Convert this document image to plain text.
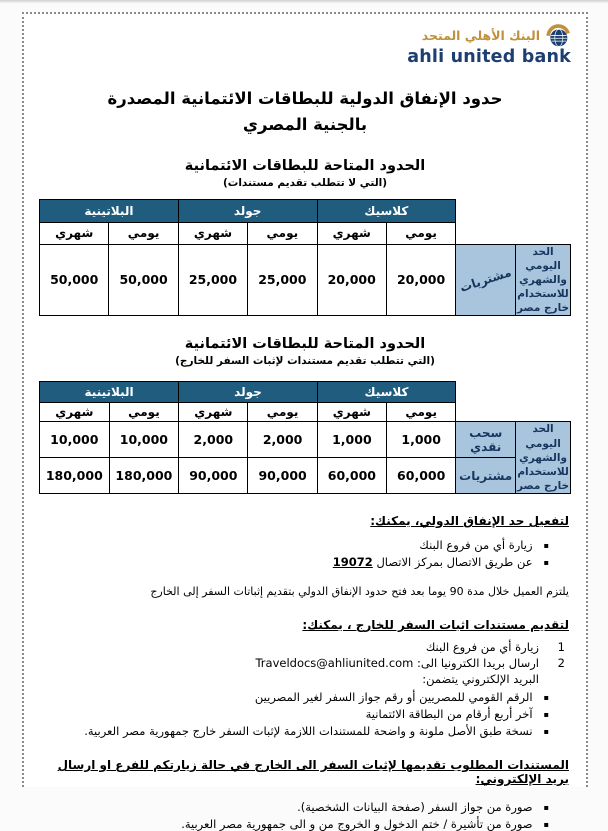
البنك الأهلي المتحد
ahli united bank
حدود الإنفاق الدولية للبطاقات الائتمانية المصدرة
بالجنية المصري
الحدود المتاحة للبطاقات الائتمانية
(التي لا تتطلب تقديم مستندات)
		كلاسيك		جولد		البلاتينية	
		يومي	شهري	يومي	شهري	يومي	شهري
الحد اليومي والشهري للاستخدام خارج مصر	مشتريات	20,000	20,000	25,000	25,000	50,000	50,000
الحدود المتاحة للبطاقات الائتمانية
(التي تتطلب تقديم مستندات لإثبات السفر للخارج)
		كلاسيك		جولد		البلاتينية	
		يومي	شهري	يومي	شهري	يومي	شهري
الحد اليومي والشهري للاستخدام خارج مصر	سحب نقدي	1,000	1,000	2,000	2,000	10,000	10,000
	مشتريات	60,000	60,000	90,000	90,000	180,000	180,000
لتفعيل حد الإنفاق الدولي، يمكنك:
▪
زيارة أي من فروع البنك
▪
عن طريق الاتصال بمركز الاتصال 19072
يلتزم العميل خلال مدة 90 يوما بعد فتح حدود الإنفاق الدولي بتقديم إثباتات السفر إلى الخارج
لتقديم مستندات اثبات السفر للخارج ، يمكنك:
1
زيارة أي من فروع البنك
2
ارسال بريدا الكترونيا الى: Traveldocs@ahliunited.com
البريد الإلكتروني يتضمن:
▪
الرقم القومي للمصريين أو رقم جواز السفر لغير المصريين
▪
آخر أربع أرقام من البطاقة الائتمانية
▪
نسخة طبق الأصل ملونة و واضحة للمستندات اللازمة لإثبات السفر خارج جمهورية مصر العربية.
المستندات المطلوب تقديمها لإثبات السفر الى الخارج في حالة زيارتكم للفرع او ارسال بريد الإلكتروني:
▪
صورة من جواز السفر (صفحة البيانات الشخصية).
▪
صورة من تأشيرة / ختم الدخول و الخروج من و الى جمهورية مصر العربية.
